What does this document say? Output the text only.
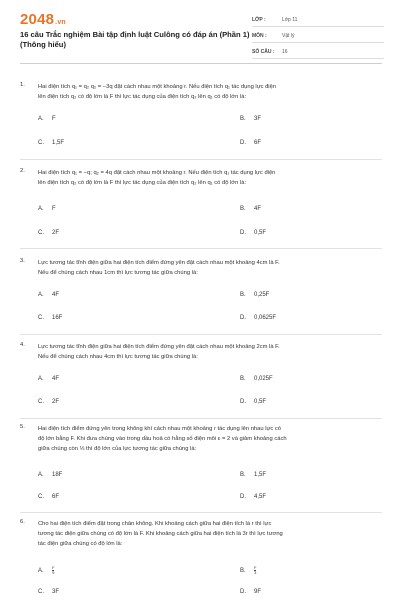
2048.vn
16 câu Trắc nghiệm Bài tập định luật Culông có đáp án (Phần 1) (Thông hiểu)
LỚP :	Lớp 11
MÔN :	Vật lý
SỐ CÂU :	16
1. Hai điện tích q₁ = q₂ q₂ = −3q đặt cách nhau một khoảng r. Nếu điện tích q₁ tác dụng lực điện
lên điện tích q₂ có độ lớn là F thì lực tác dụng của điện tích q₂ lên q₁ có độ lớn là:
A. F	B. 3F
C. 1,5F	D. 6F
2. Hai điện tích q₁ = −q; q₂ = 4q đặt cách nhau một khoảng r. Nếu điện tích q₁ tác dụng lực điện
lên điện tích q₂ có độ lớn là F thì lực tác dụng của điện tích q₂ lên q₁ có độ lớn là:
A. F	B. 4F
C. 2F	D. 0,5F
3. Lực tương tác tĩnh điện giữa hai điện tích điểm đứng yên đặt cách nhau một khoảng 4cm là F.
Nếu để chúng cách nhau 1cm thì lực tương tác giữa chúng là:
A. 4F	B. 0,25F
C. 16F	D. 0,0625F
4. Lực tương tác tĩnh điện giữa hai điện tích điểm đứng yên đặt cách nhau một khoảng 2cm là F.
Nếu để chúng cách nhau 4cm thì lực tương tác giữa chúng là:
A. 4F	B. 0,025F
C. 2F	D. 0,5F
5. Hai điện tích điểm đứng yên trong không khí cách nhau một khoảng r tác dụng lên nhau lực có
độ lớn bằng F. Khi đưa chúng vào trong dầu hoả có hằng số điện môi ε = 2 và giảm khoảng cách
giữa chúng còn ⅓ thì độ lớn của lực tương tác giữa chúng là:
A. 18F	B. 1,5F
C. 6F	D. 4,5F
6. Cho hai điện tích điểm đặt trong chân không. Khi khoảng cách giữa hai điện tích là r thì lực
tương tác điện giữa chúng có độ lớn là F. Khi khoảng cách giữa hai điện tích là 3r thì lực tương
tác điện giữa chúng có độ lớn là:
A. $\frac{F}{9}$	B. $\frac{F}{3}$
C. 3F	D. 9F
